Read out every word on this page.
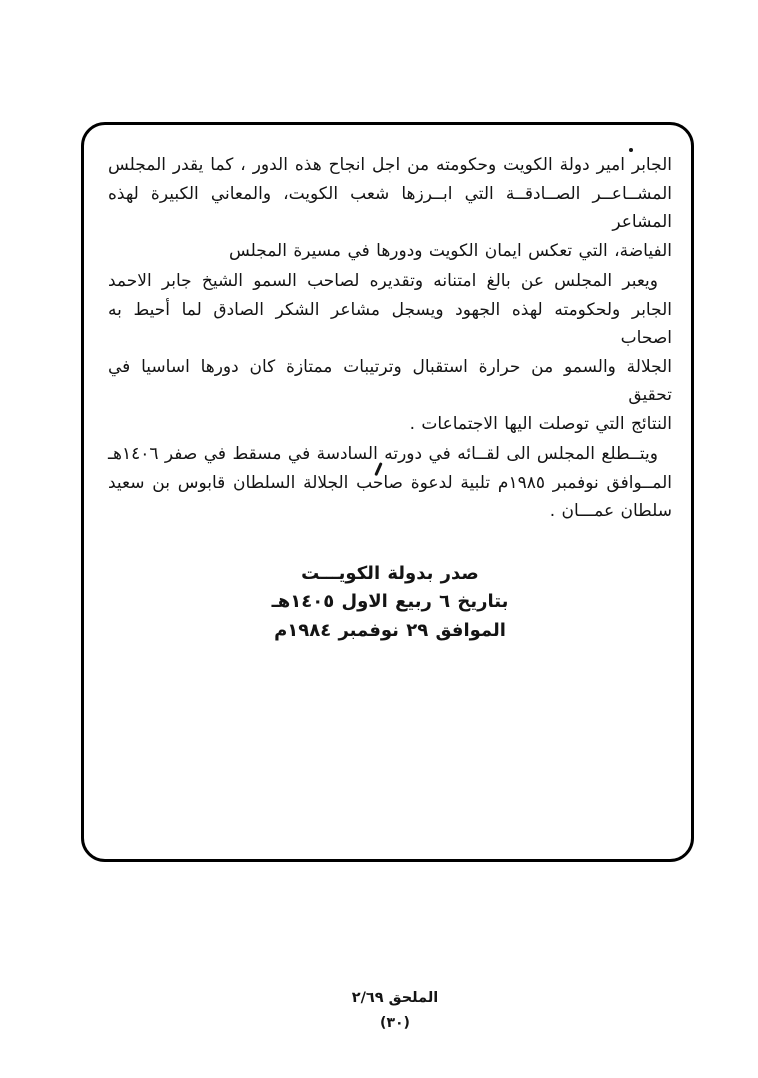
الجابر امير دولة الكويت وحكومته من اجل انجاح هذه الدور ، كما يقدر المجلس
المشــاعــر الصــادقــة التي ابــرزها شعب الكويت، والمعاني الكبيرة لهذه المشاعر
الفياضة، التي تعكس ايمان الكويت ودورها في مسيرة المجلس
ويعبر المجلس عن بالغ امتنانه وتقديره لصاحب السمو الشيخ جابر الاحمد
الجابر ولحكومته لهذه الجهود ويسجل مشاعر الشكر الصادق لما أحيط به اصحاب
الجلالة والسمو من حرارة استقبال وترتيبات ممتازة كان دورها اساسيا في تحقيق
النتائج التي توصلت اليها الاجتماعات .
ويتــطلع المجلس الى لقــائه في دورته السادسة في مسقط في صفر ١٤٠٦هـ
المــوافق نوفمبر ١٩٨٥م تلبية لدعوة صاحب الجلالة السلطان قابوس بن سعيد
سلطان عمـــان .
صدر بدولة الكويـــت
بتاريخ ٦ ربيع الاول ١٤٠٥هـ
الموافق ٢٩ نوفمبر ١٩٨٤م
الملحق ٢/٦٩
(٣٠)
